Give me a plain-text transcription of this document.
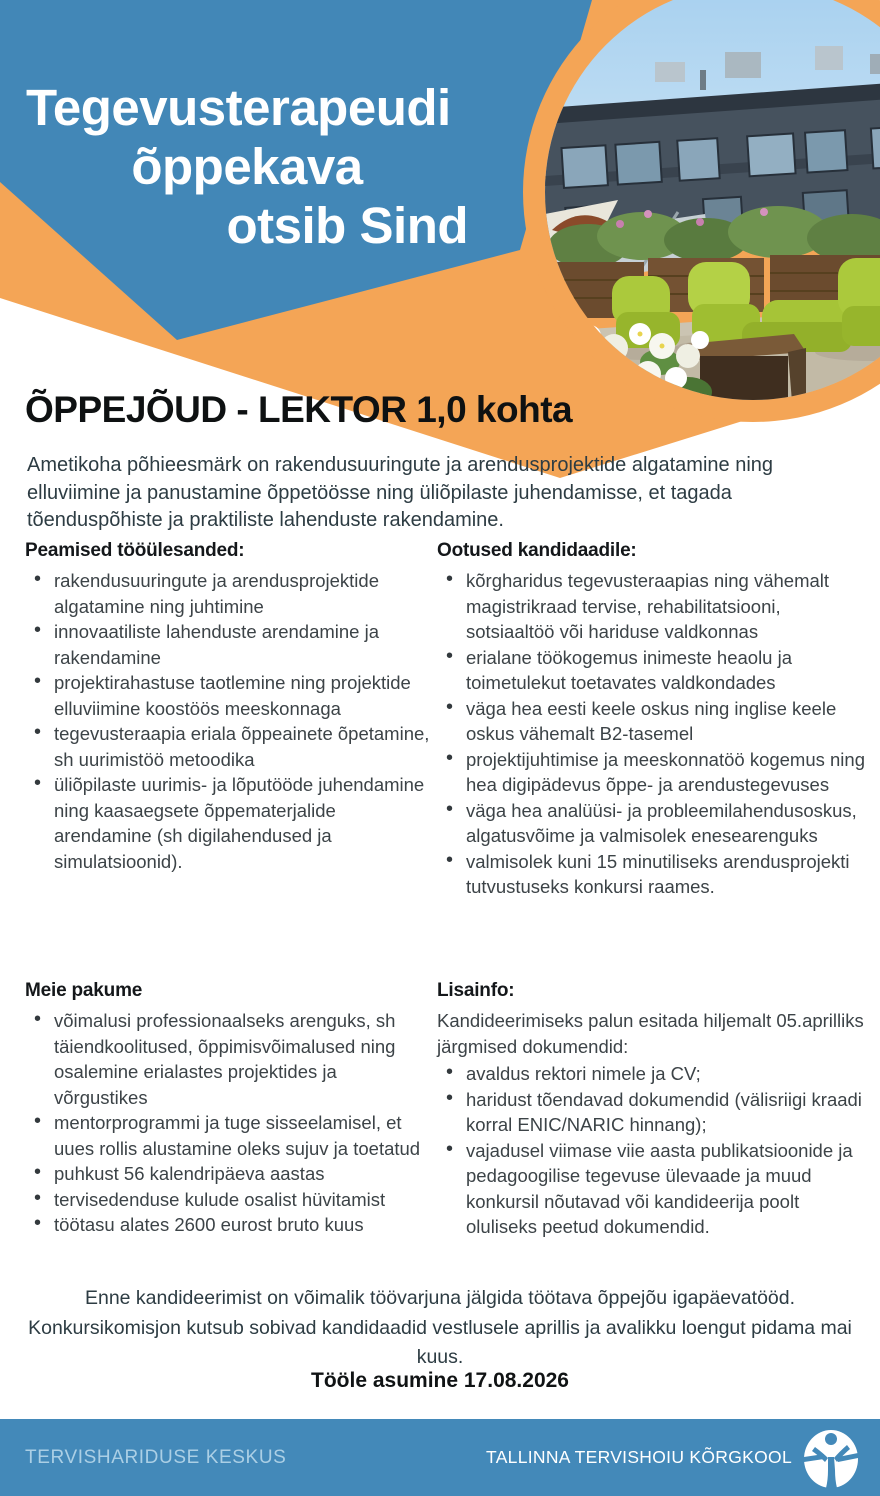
Tegevusterapeudi
õppekava
otsib Sind
ÕPPEJÕUD - LEKTOR 1,0 kohta
Ametikoha põhieesmärk on rakendusuuringute ja arendusprojektide algatamine ning
elluviimine ja panustamine õppetöösse ning üliõpilaste juhendamisse, et tagada
tõenduspõhiste ja praktiliste lahenduste rakendamine.
Peamised tööülesanded:
• rakendusuuringute ja arendusprojektide algatamine ning juhtimine
• innovaatiliste lahenduste arendamine ja rakendamine
• projektirahastuse taotlemine ning projektide elluviimine koostöös meeskonnaga
• tegevusteraapia eriala õppeainete õpetamine, sh uurimistöö metoodika
• üliõpilaste uurimis- ja lõputööde juhendamine ning kaasaegsete õppematerjalide arendamine (sh digilahendused ja simulatsioonid).
Ootused kandidaadile:
• kõrgharidus tegevusteraapias ning vähemalt magistrikraad tervise, rehabilitatsiooni, sotsiaaltöö või hariduse valdkonnas
• erialane töökogemus inimeste heaolu ja toimetulekut toetavates valdkondades
• väga hea eesti keele oskus ning inglise keele oskus vähemalt B2-tasemel
• projektijuhtimise ja meeskonnatöö kogemus ning hea digipädevus õppe- ja arendustegevuses
• väga hea analüüsi- ja probleemilahendusoskus, algatusvõime ja valmisolek enesearenguks
• valmisolek kuni 15 minutiliseks arendusprojekti tutvustuseks konkursi raames.
Meie pakume
• võimalusi professionaalseks arenguks, sh täiendkoolitused, õppimisvõimalused ning osalemine erialastes projektides ja võrgustikes
• mentorprogrammi ja tuge sisseelamisel, et uues rollis alustamine oleks sujuv ja toetatud
• puhkust 56 kalendripäeva aastas
• tervisedenduse kulude osalist hüvitamist
• töötasu alates 2600 eurost bruto kuus
Lisainfo:

Kandideerimiseks palun esitada hiljemalt 05.aprilliks järgmised dokumendid:

• avaldus rektori nimele ja CV;
• haridust tõendavad dokumendid (välisriigi kraadi korral ENIC/NARIC hinnang);
• vajadusel viimase viie aasta publikatsioonide ja pedagoogilise tegevuse ülevaade ja muud konkursil nõutavad või kandideerija poolt oluliseks peetud dokumendid.
Enne kandideerimist on võimalik töövarjuna jälgida töötava õppejõu igapäevatööd.
Konkursikomisjon kutsub sobivad kandidaadid vestlusele aprillis ja avalikku loengut pidama mai
kuus.
Tööle asumine 17.08.2026
TERVISHARIDUSE KESKUS	TALLINNA TERVISHOIU KÕRGKOOL
